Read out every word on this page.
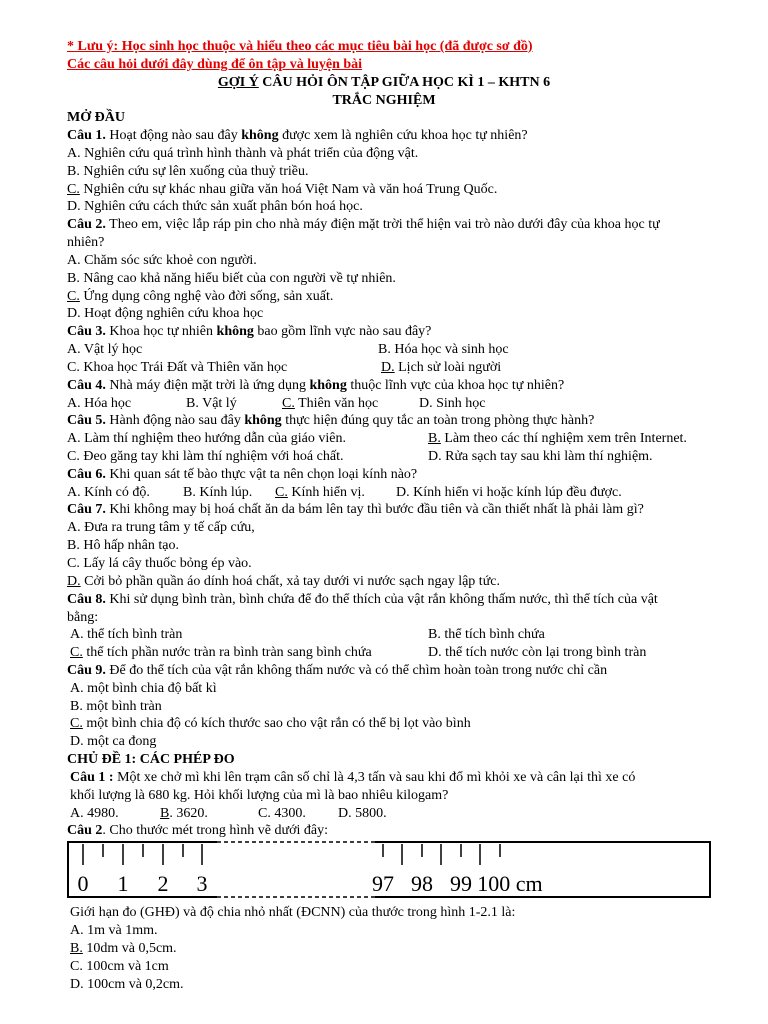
* Lưu ý: Học sinh học thuộc và hiểu theo các mục tiêu bài học (đã được sơ đồ)
Các câu hỏi dưới đây dùng để ôn tập và luyện bài
GỢI Ý CÂU HỎI ÔN TẬP GIỮA HỌC KÌ 1 – KHTN 6
TRẮC NGHIỆM
MỞ ĐẦU
Câu 1. Hoạt động nào sau đây không được xem là nghiên cứu khoa học tự nhiên?
A. Nghiên cứu quá trình hình thành và phát triển của động vật.
B. Nghiên cứu sự lên xuống của thuỷ triều.
C. Nghiên cứu sự khác nhau giữa văn hoá Việt Nam và văn hoá Trung Quốc.
D. Nghiên cứu cách thức sản xuất phân bón hoá học.
Câu 2. Theo em, việc lắp ráp pin cho nhà máy điện mặt trời thể hiện vai trò nào dưới đây của khoa học tự
nhiên?
A. Chăm sóc sức khoẻ con người.
B. Nâng cao khả năng hiểu biết của con người về tự nhiên.
C. Ứng dụng công nghệ vào đời sống, sản xuất.
D. Hoạt động nghiên cứu khoa học
Câu 3. Khoa học tự nhiên không bao gồm lĩnh vực nào sau đây?
A. Vật lý học	B. Hóa học và sinh học
C. Khoa học Trái Đất và Thiên văn học	D. Lịch sử loài người
Câu 4. Nhà máy điện mặt trời là ứng dụng không thuộc lĩnh vực của khoa học tự nhiên?
A. Hóa học	B. Vật lý	C. Thiên văn học	D. Sinh học
Câu 5. Hành động nào sau đây không thực hiện đúng quy tắc an toàn trong phòng thực hành?
A. Làm thí nghiệm theo hướng dẫn của giáo viên.	B. Làm theo các thí nghiệm xem trên Internet.
C. Đeo găng tay khi làm thí nghiệm với hoá chất.	D. Rửa sạch tay sau khi làm thí nghiệm.
Câu 6. Khi quan sát tế bào thực vật ta nên chọn loại kính nào?
A. Kính có độ. B. Kính lúp. C. Kính hiển vị. D. Kính hiển vi hoặc kính lúp đều được.
Câu 7. Khi không may bị hoá chất ăn da bám lên tay thì bước đầu tiên và cần thiết nhất là phải làm gì?
A. Đưa ra trung tâm y tế cấp cứu,
B. Hô hấp nhân tạo.
C. Lấy lá cây thuốc bỏng ép vào.
D. Cởi bỏ phần quần áo dính hoá chất, xả tay dưới vi nước sạch ngay lập tức.
Câu 8. Khi sử dụng bình tràn, bình chứa để đo thể thích của vật rắn không thấm nước, thì thể tích của vật
bằng:
A. thể tích bình tràn	B. thể tích bình chứa
C. thể tích phần nước tràn ra bình tràn sang bình chứa	D. thể tích nước còn lại trong bình tràn
Câu 9. Để đo thể tích của vật rắn không thấm nước và có thể chìm hoàn toàn trong nước chỉ cần
A. một bình chia độ bất kì
B. một bình tràn
C. một bình chia độ có kích thước sao cho vật rắn có thể bị lọt vào bình
D. một ca đong
CHỦ ĐỀ 1: CÁC PHÉP ĐO
Câu 1 : Một xe chở mì khi lên trạm cân số chỉ là 4,3 tấn và sau khi đổ mì khỏi xe và cân lại thì xe có
khối lượng là 680 kg. Hỏi khối lượng của mì là bao nhiêu kilogam?
A. 4980.	B. 3620.	C. 4300. D. 5800.
Câu 2. Cho thước mét trong hình vẽ dưới đây:
0 1 2 3	97 98 99 100 cm
Giới hạn đo (GHĐ) và độ chia nhỏ nhất (ĐCNN) của thước trong hình 1-2.1 là:
A. 1m và 1mm.
B. 10dm và 0,5cm.
C. 100cm và 1cm
D. 100cm và 0,2cm.
